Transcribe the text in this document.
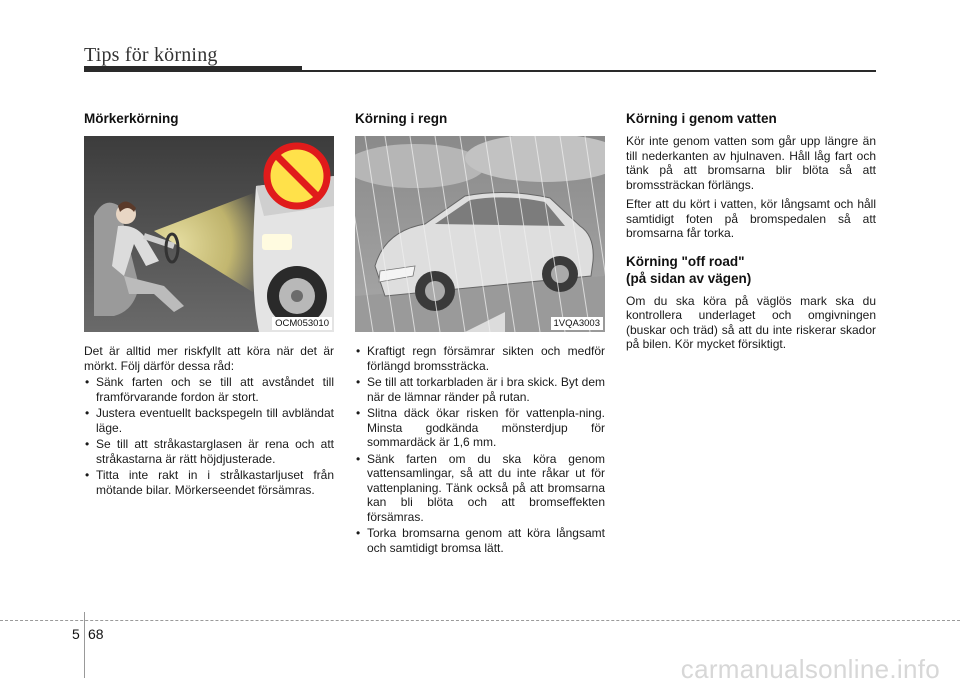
Tips för körning
Mörkerkörning
OCM053010

Det är alltid mer riskfyllt att köra när det är mörkt. Följ därför dessa råd:

• Sänk farten och se till att avståndet till framförvarande fordon är stort.
• Justera eventuellt backspegeln till avbländat läge.
• Se till att stråkastarglasen är rena och att stråkastarna är rätt höjdjusterade.
• Titta inte rakt in i strålkastarljuset från mötande bilar. Mörkerseendet försämras.
Körning i regn
1VQA3003
• Kraftigt regn försämrar sikten och medför förlängd bromssträcka.
• Se till att torkarbladen är i bra skick. Byt dem när de lämnar ränder på rutan.
• Slitna däck ökar risken för vattenpla-ning. Minsta godkända mönsterdjup för sommardäck är 1,6 mm.
• Sänk farten om du ska köra genom vattensamlingar, så att du inte råkar ut för vattenplaning. Tänk också på att bromsarna kan bli blöta och att bromseffekten försämras.
• Torka bromsarna genom att köra långsamt och samtidigt bromsa lätt.
Körning i genom vatten

Kör inte genom vatten som går upp längre än till nederkanten av hjulnaven. Håll låg fart och tänk på att bromsarna blir blöta så att bromssträckan förlängs.

Efter att du kört i vatten, kör långsamt och håll samtidigt foten på bromspedalen så att bromsarna får torka.

Körning "off road"
(på sidan av vägen)

Om du ska köra på väglös mark ska du kontrollera underlaget och omgivningen (buskar och träd) så att du inte riskerar skador på bilen. Kör mycket försiktigt.

5 68
carmanualsonline.info
